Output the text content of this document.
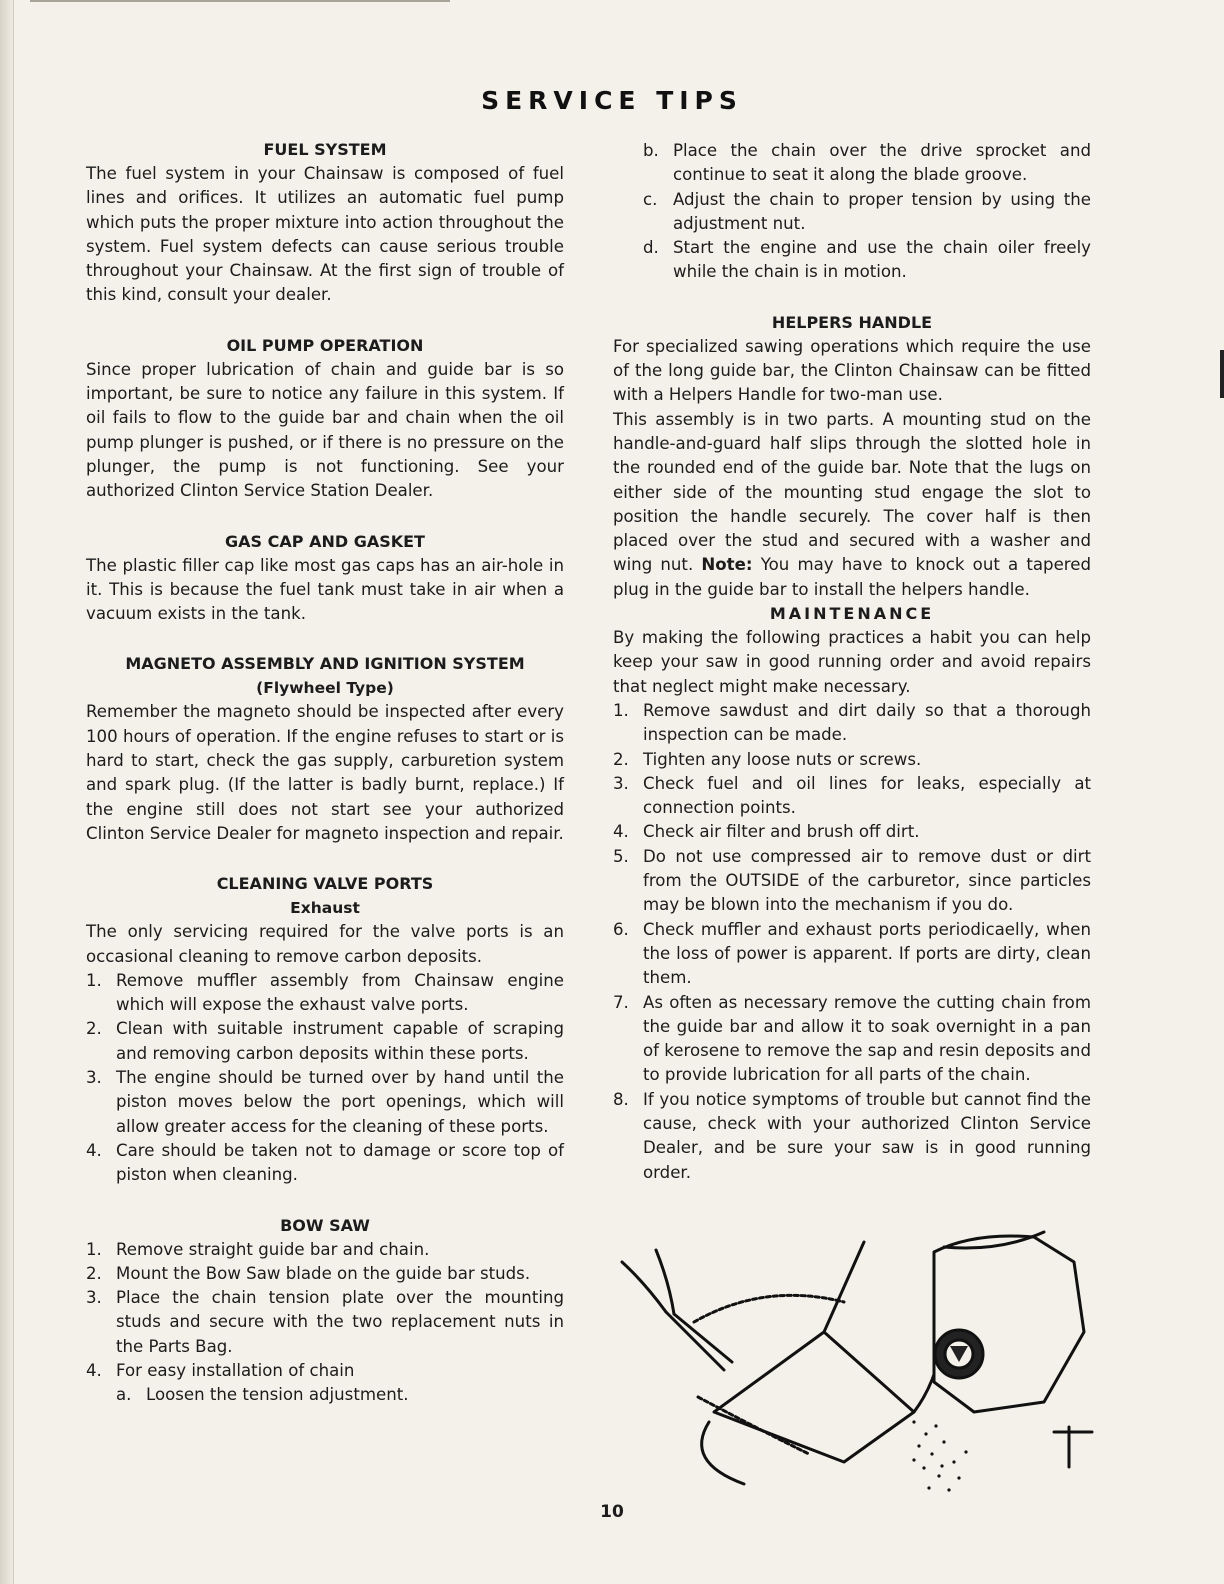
SERVICE TIPS
FUEL SYSTEM

The fuel system in your Chainsaw is composed of fuel lines and orifices. It utilizes an automatic fuel pump which puts the proper mixture into action throughout the system. Fuel system defects can cause serious trouble throughout your Chainsaw. At the first sign of trouble of this kind, consult your dealer.

OIL PUMP OPERATION

Since proper lubrication of chain and guide bar is so important, be sure to notice any failure in this system. If oil fails to flow to the guide bar and chain when the oil pump plunger is pushed, or if there is no pressure on the plunger, the pump is not functioning. See your authorized Clinton Service Station Dealer.

GAS CAP AND GASKET

The plastic filler cap like most gas caps has an air-hole in it. This is because the fuel tank must take in air when a vacuum exists in the tank.

MAGNETO ASSEMBLY AND IGNITION SYSTEM
(Flywheel Type)

Remember the magneto should be inspected after every 100 hours of operation. If the engine refuses to start or is hard to start, check the gas supply, carburetion system and spark plug. (If the latter is badly burnt, replace.) If the engine still does not start see your authorized Clinton Service Dealer for magneto inspection and repair.

CLEANING VALVE PORTS
Exhaust

The only servicing required for the valve ports is an occasional cleaning to remove carbon deposits.

1. Remove muffler assembly from Chainsaw engine which will expose the exhaust valve ports.
2. Clean with suitable instrument capable of scraping and removing carbon deposits within these ports.
3. The engine should be turned over by hand until the piston moves below the port openings, which will allow greater access for the cleaning of these ports.
4. Care should be taken not to damage or score top of piston when cleaning.
BOW SAW
1. Remove straight guide bar and chain.
2. Mount the Bow Saw blade on the guide bar studs.
3. Place the chain tension plate over the mounting studs and secure with the two replacement nuts in the Parts Bag.
4. For easy installation of chain
a. Loosen the tension adjustment.
b. Place the chain over the drive sprocket and continue to seat it along the blade groove.
c. Adjust the chain to proper tension by using the adjustment nut.
d. Start the engine and use the chain oiler freely while the chain is in motion.
HELPERS HANDLE

For specialized sawing operations which require the use of the long guide bar, the Clinton Chainsaw can be fitted with a Helpers Handle for two-man use.

This assembly is in two parts. A mounting stud on the handle-and-guard half slips through the slotted hole in the rounded end of the guide bar. Note that the lugs on either side of the mounting stud engage the slot to position the handle securely. The cover half is then placed over the stud and secured with a washer and wing nut. Note: You may have to knock out a tapered plug in the guide bar to install the helpers handle.

MAINTENANCE

By making the following practices a habit you can help keep your saw in good running order and avoid repairs that neglect might make necessary.

1. Remove sawdust and dirt daily so that a thorough inspection can be made.
2. Tighten any loose nuts or screws.
3. Check fuel and oil lines for leaks, especially at connection points.
4. Check air filter and brush off dirt.
5. Do not use compressed air to remove dust or dirt from the OUTSIDE of the carburetor, since particles may be blown into the mechanism if you do.
6. Check muffler and exhaust ports periodicaelly, when the loss of power is apparent. If ports are dirty, clean them.
7. As often as necessary remove the cutting chain from the guide bar and allow it to soak overnight in a pan of kerosene to remove the sap and resin deposits and to provide lubrication for all parts of the chain.
8. If you notice symptoms of trouble but cannot find the cause, check with your authorized Clinton Service Dealer, and be sure your saw is in good running order.
10
